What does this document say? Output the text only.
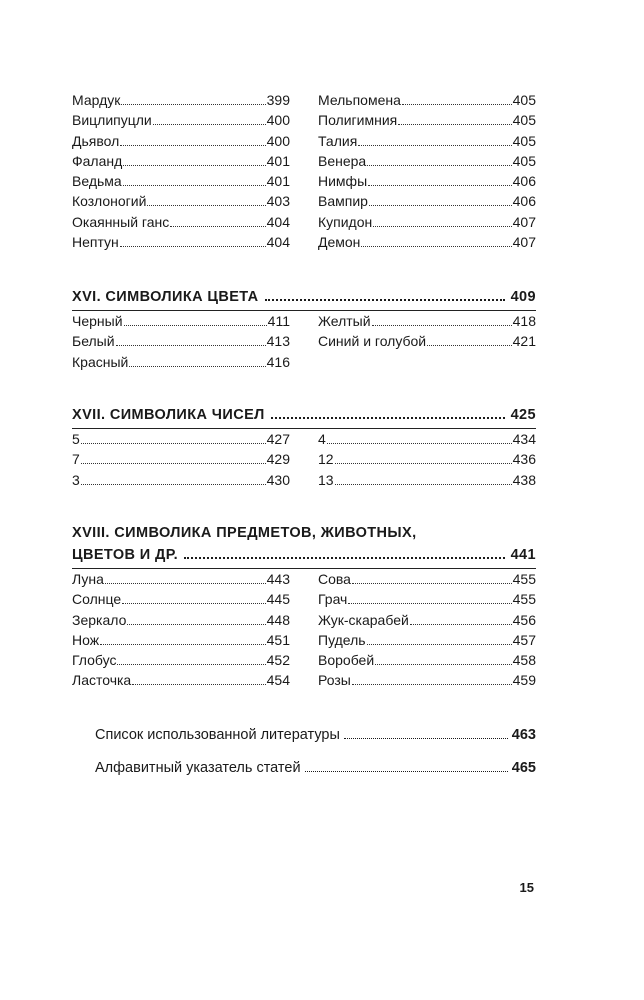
Мардук	399
Вицлипуцли	400
Дьявол	400
Фаланд	401
Ведьма	401
Козлоногий	403
Окаянный ганс	404
Нептун	404
Мельпомена	405
Полигимния	405
Талия	405
Венера	405
Нимфы	406
Вампир	406
Купидон	407
Демон	407
XVI. СИМВОЛИКА ЦВЕТА	409
Черный	411
Белый	413
Красный	416
Желтый	418
Синий и голубой	421
XVII. СИМВОЛИКА ЧИСЕЛ	425
5	427
7	429
3	430
4	434
12	436
13	438
XVIII. СИМВОЛИКА ПРЕДМЕТОВ, ЖИВОТНЫХ,
ЦВЕТОВ И ДР.	441
Луна	443
Солнце	445
Зеркало	448
Нож	451
Глобус	452
Ласточка	454
Сова	455
Грач	455
Жук-скарабей	456
Пудель	457
Воробей	458
Розы	459
Список использованной литературы	463
Алфавитный указатель статей	465
15
